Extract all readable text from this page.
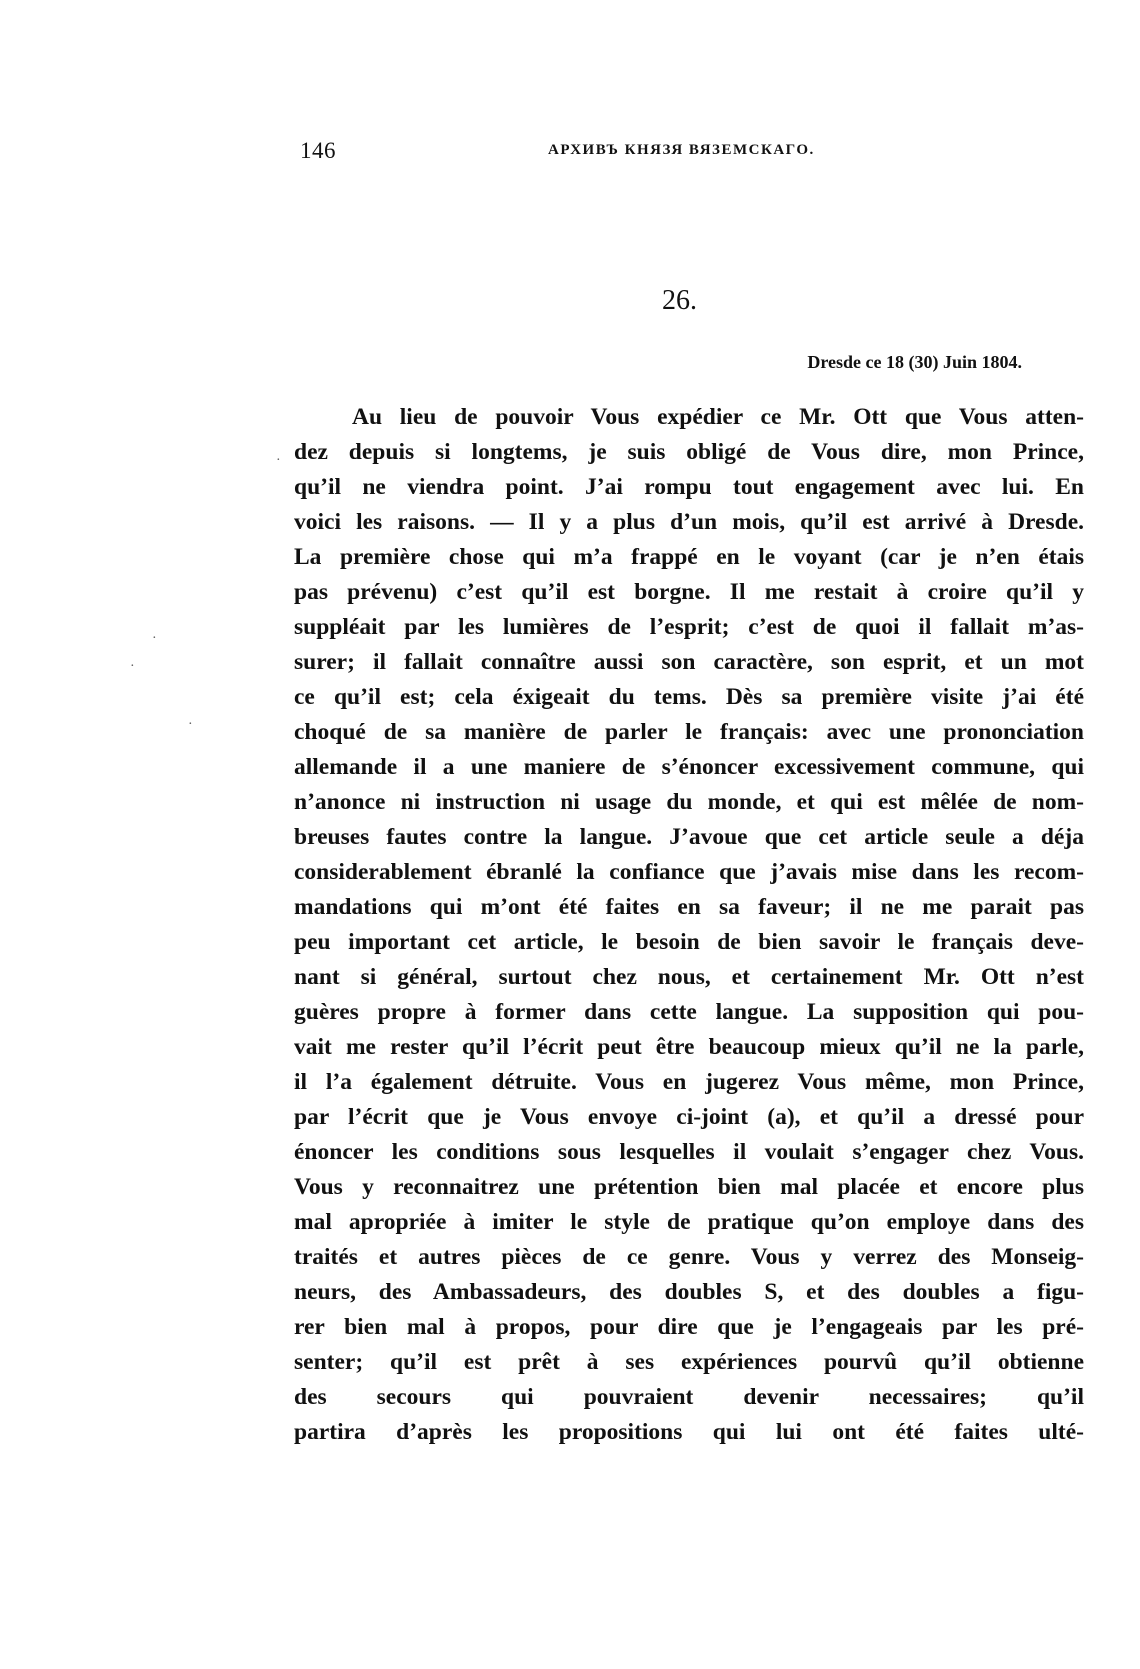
146	АРХИВЪ КНЯЗЯ ВЯЗЕМСКАГО.
26.
Dresde ce 18 (30) Juin 1804.
Au lieu de pouvoir Vous expédier ce Mr. Ott que Vous atten-
dez depuis si longtems, je suis obligé de Vous dire, mon Prince,
qu’il ne viendra point. J’ai rompu tout engagement avec lui. En
voici les raisons. — Il y a plus d’un mois, qu’il est arrivé à Dresde.
La première chose qui m’a frappé en le voyant (car je n’en étais
pas prévenu) c’est qu’il est borgne. Il me restait à croire qu’il y
suppléait par les lumières de l’esprit; c’est de quoi il fallait m’as-
surer; il fallait connaître aussi son caractère, son esprit, et un mot
ce qu’il est; cela éxigeait du tems. Dès sa première visite j’ai été
choqué de sa manière de parler le français: avec une prononciation
allemande il a une maniere de s’énoncer excessivement commune, qui
n’anonce ni instruction ni usage du monde, et qui est mêlée de nom-
breuses fautes contre la langue. J’avoue que cet article seule a déja
considerablement ébranlé la confiance que j’avais mise dans les recom-
mandations qui m’ont été faites en sa faveur; il ne me parait pas
peu important cet article, le besoin de bien savoir le français deve-
nant si général, surtout chez nous, et certainement Mr. Ott n’est
guères propre à former dans cette langue. La supposition qui pou-
vait me rester qu’il l’écrit peut être beaucoup mieux qu’il ne la parle,
il l’a également détruite. Vous en jugerez Vous même, mon Prince,
par l’écrit que je Vous envoye ci-joint (a), et qu’il a dressé pour
énoncer les conditions sous lesquelles il voulait s’engager chez Vous.
Vous y reconnaitrez une prétention bien mal placée et encore plus
mal apropriée à imiter le style de pratique qu’on employe dans des
traités et autres pièces de ce genre. Vous y verrez des Monseig-
neurs, des Ambassadeurs, des doubles S, et des doubles a figu-
rer bien mal à propos, pour dire que je l’engageais par les pré-
senter; qu’il est prêt à ses expériences pourvû qu’il obtienne
des secours qui pouvraient devenir necessaires; qu’il
partira d’après les propositions qui lui ont été faites ulté-
·
·
·
·
